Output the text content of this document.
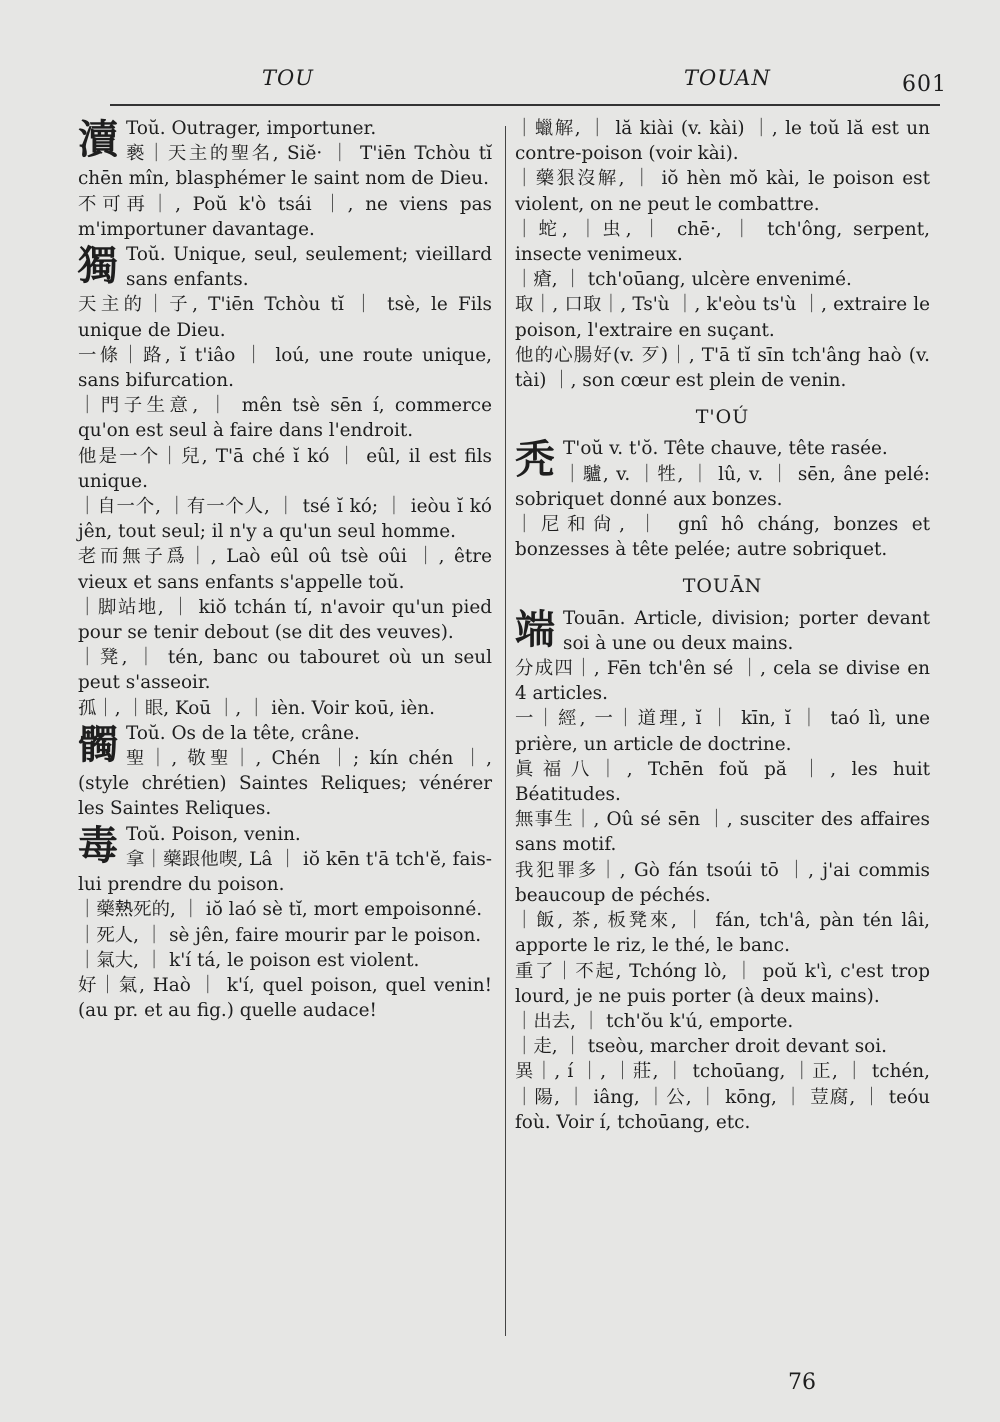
TOU	TOUAN	601

瀆 Toŭ. Outrager, importuner.

褻｜天主的聖名, Siĕ· ｜ T'iēn Tchòu tĭ chēn mîn, blasphémer le saint nom de Dieu.

不可再｜, Poŭ k'ò tsái ｜, ne viens pas m'importuner davantage.

獨 Toŭ. Unique, seul, seulement; vieillard sans enfants.

天主的｜子, T'iēn Tchòu tĭ ｜ tsè, le Fils unique de Dieu.

一條｜路, ĭ t'iâo ｜ loú, une route unique, sans bifurcation.

｜門子生意, ｜ mên tsè sēn í, commerce qu'on est seul à faire dans l'endroit.

他是一个｜兒, T'ā ché ĭ kó ｜ eûl, il est fils unique.

｜自一个, ｜有一个人, ｜ tsé ĭ kó; ｜ ieòu ĭ kó jên, tout seul; il n'y a qu'un seul homme.

老而無子爲｜, Laò eûl oû tsè oûi ｜, être vieux et sans enfants s'appelle toŭ.

｜脚站地, ｜ kiŏ tchán tí, n'avoir qu'un pied pour se tenir debout (se dit des veuves).

｜凳, ｜ tén, banc ou tabouret où un seul peut s'asseoir.

孤｜, ｜眼, Koū ｜, ｜ ièn. Voir koū, ièn.

髑 Toŭ. Os de la tête, crâne.

聖｜, 敬聖｜, Chén ｜; kín chén ｜, (style chrétien) Saintes Reliques; vénérer les Saintes Reliques.

毒 Toŭ. Poison, venin.

拿｜藥跟他喫, Lâ ｜ iŏ kēn t'ā tch'ĕ, fais-lui prendre du poison.

｜藥𤍠死的, ｜ iŏ laó sè tĭ, mort empoisonné.

｜死人, ｜ sè jên, faire mourir par le poison.

｜氣大, ｜ k'í tá, le poison est violent.

好｜氣, Haò ｜ k'í, quel poison, quel venin! (au pr. et au fig.) quelle audace!

｜蠟解, ｜ lă kiài (v. kài) ｜, le toŭ lă est un contre-poison (voir kài).

｜藥狠沒解, ｜ iŏ hèn mŏ kài, le poison est violent, on ne peut le combattre.

｜蛇, ｜虫, ｜ chē·, ｜ tch'ông, serpent, insecte venimeux.

｜瘡, ｜ tch'oūang, ulcère envenimé.

取｜, 口取｜, Ts'ù ｜, k'eòu ts'ù ｜, extraire le poison, l'extraire en suçant.

他的心腸好(v. 歹)｜, T'ā tĭ sīn tch'âng haò (v. tài) ｜, son cœur est plein de venin.

T'OÚ

秃 T'oŭ v. t'ŏ. Tête chauve, tête rasée.

｜驢, v. ｜牲, ｜ lû, v. ｜ sēn, âne pelé: sobriquet donné aux bonzes.

｜尼和尙, ｜ gnî hô cháng, bonzes et bonzesses à tête pelée; autre sobriquet.

TOUĀN

端 Touān. Article, division; porter devant soi à une ou deux mains.

分成四｜, Fēn tch'ên sé ｜, cela se divise en 4 articles.

一｜經, 一｜道理, ĭ ｜ kīn, ĭ ｜ taó lì, une prière, un article de doctrine.

眞福八｜, Tchēn foŭ pă ｜, les huit Béatitudes.

無事生｜, Oû sé sēn ｜, susciter des affaires sans motif.

我犯罪多｜, Gò fán tsoúi tō ｜, j'ai commis beaucoup de péchés.

｜飯, 茶, 板凳來, ｜ fán, tch'â, pàn tén lâi, apporte le riz, le thé, le banc.

重了｜不起, Tchóng lò, ｜ poŭ k'ì, c'est trop lourd, je ne puis porter (à deux mains).

｜出去, ｜ tch'ŏu k'ú, emporte.

｜走, ｜ tseòu, marcher droit devant soi.

異｜, í ｜, ｜莊, ｜ tchoūang, ｜正, ｜ tchén, ｜陽, ｜ iâng, ｜公, ｜ kōng, ｜ 荳腐, ｜ teóu foù. Voir í, tchoūang, etc.

76
